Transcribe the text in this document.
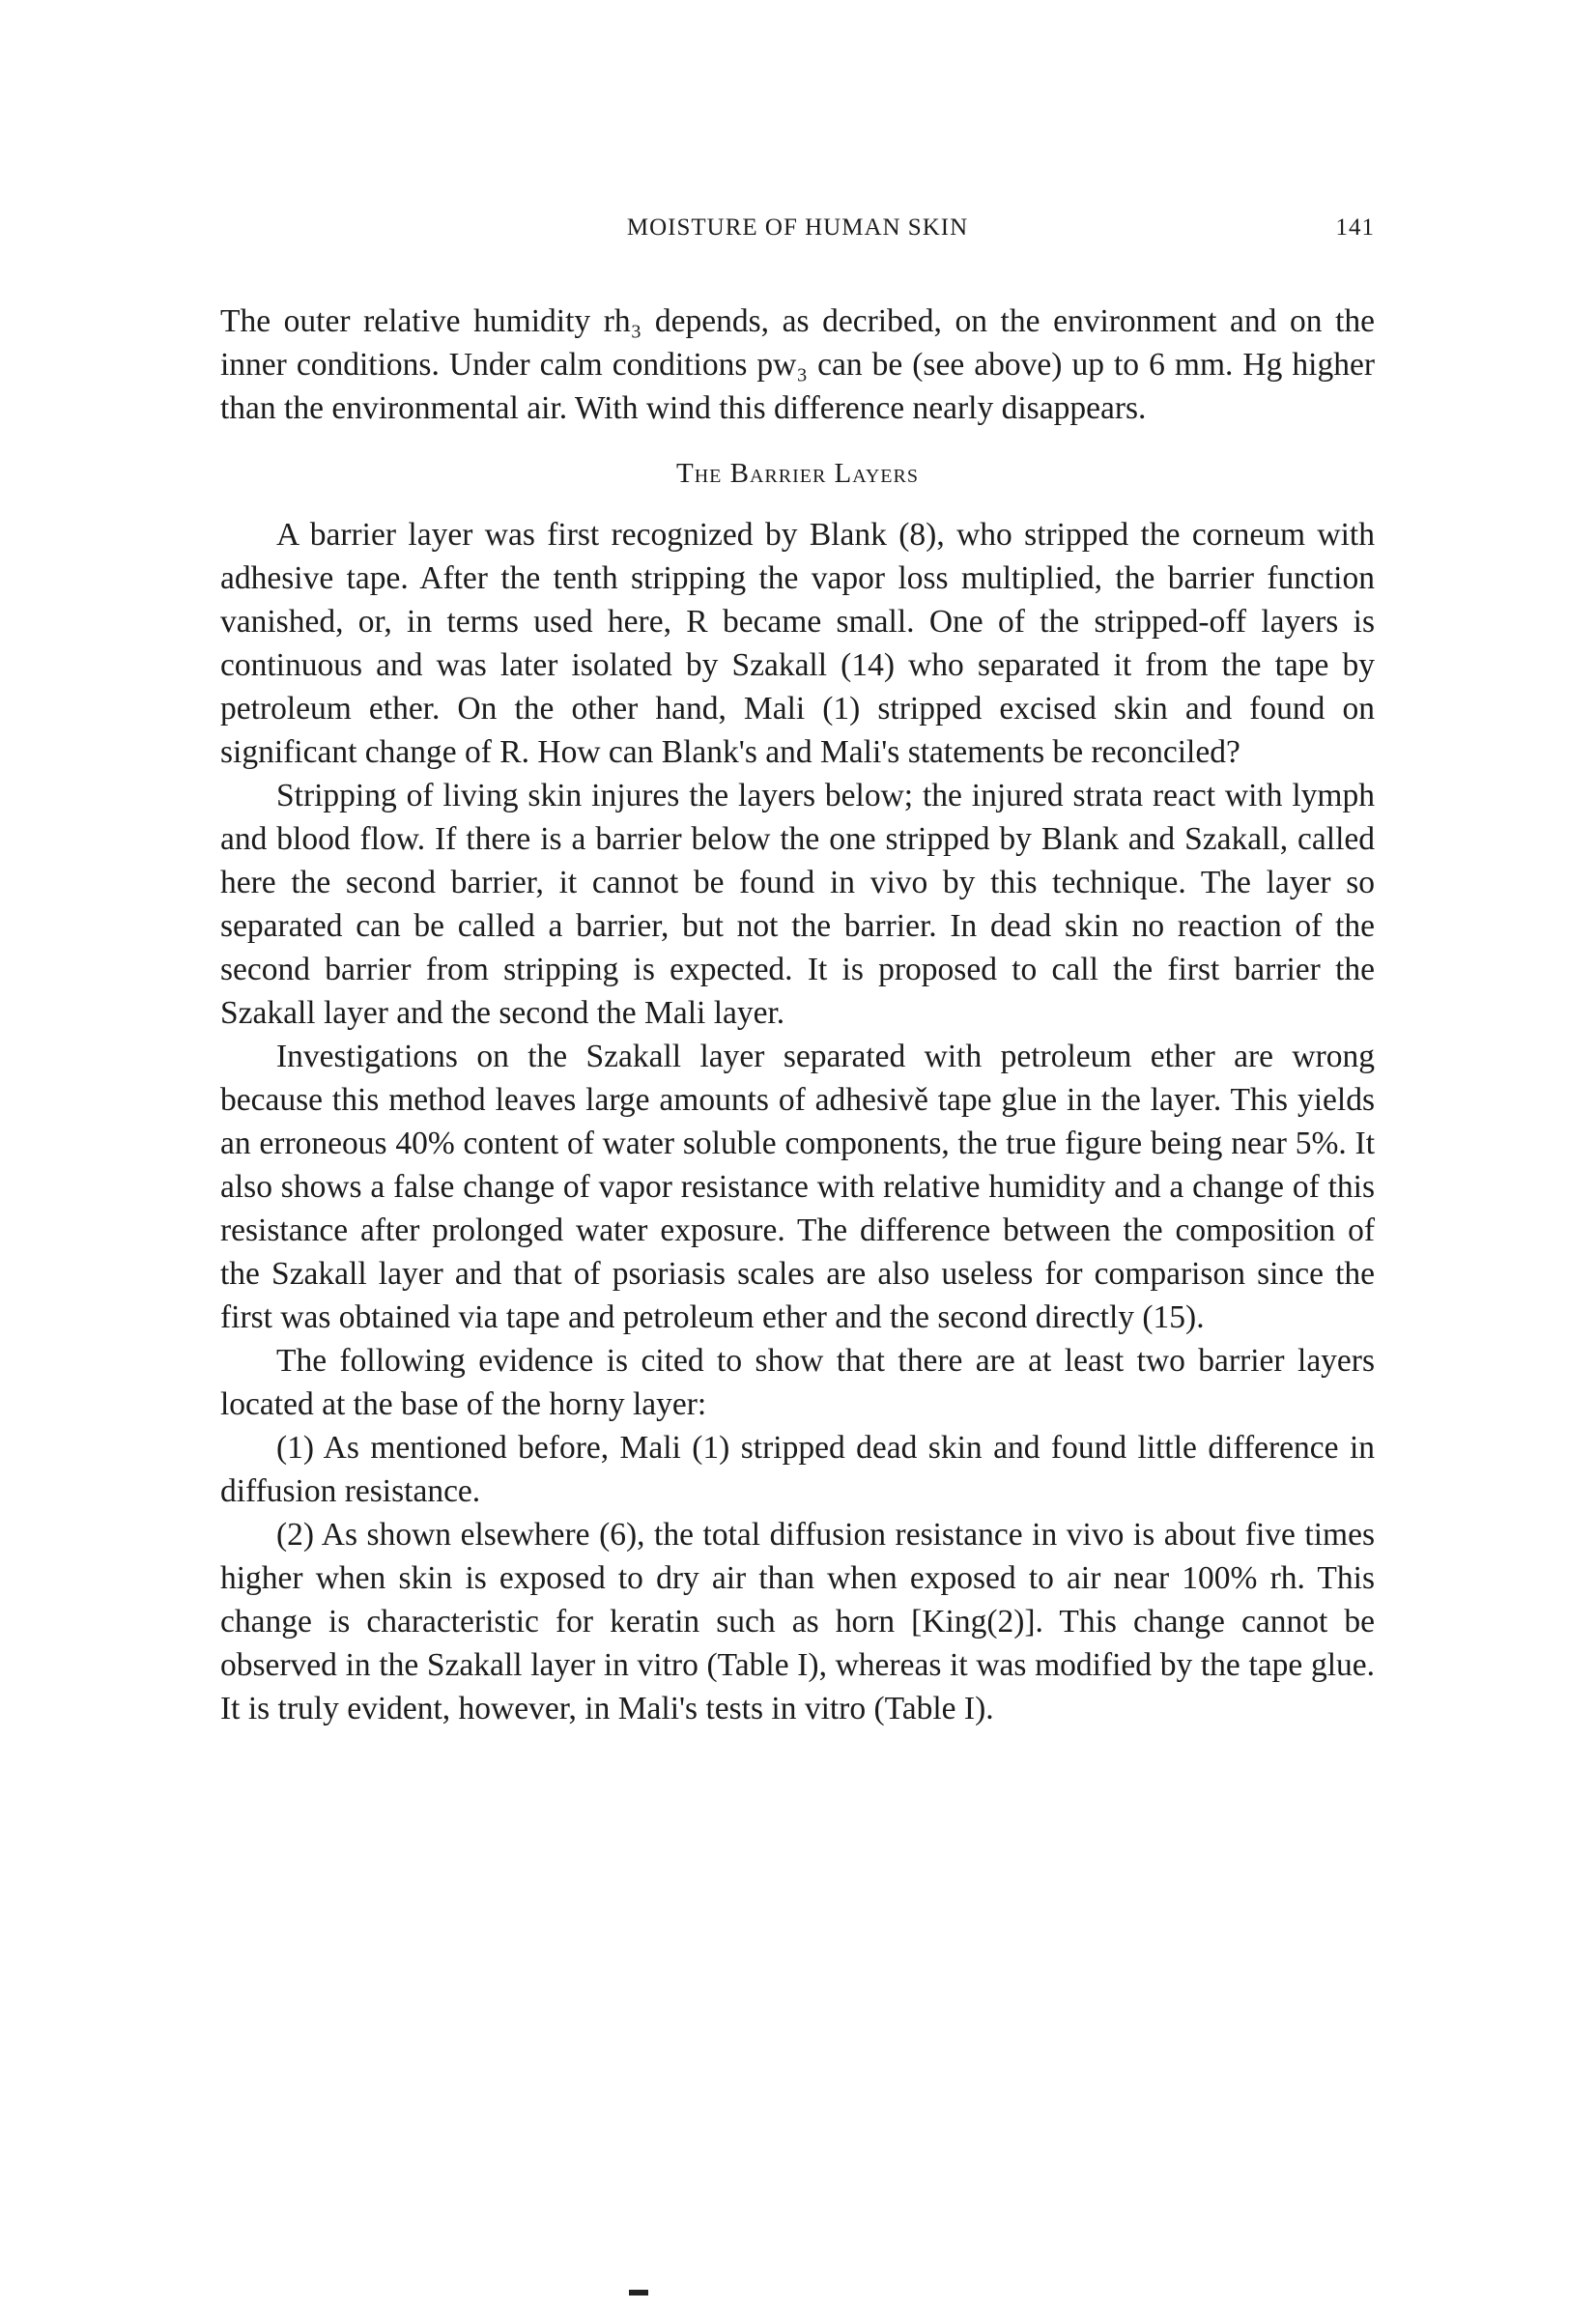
MOISTURE OF HUMAN SKIN	141

The outer relative humidity rh₃ depends, as decribed, on the environment and on the inner conditions. Under calm conditions pw₃ can be (see above) up to 6 mm. Hg higher than the environmental air. With wind this difference nearly disappears.

The Barrier Layers

A barrier layer was first recognized by Blank (8), who stripped the corneum with adhesive tape. After the tenth stripping the vapor loss multiplied, the barrier function vanished, or, in terms used here, R became small. One of the stripped-off layers is continuous and was later isolated by Szakall (14) who separated it from the tape by petroleum ether. On the other hand, Mali (1) stripped excised skin and found on significant change of R. How can Blank's and Mali's statements be reconciled?

Stripping of living skin injures the layers below; the injured strata react with lymph and blood flow. If there is a barrier below the one stripped by Blank and Szakall, called here the second barrier, it cannot be found in vivo by this technique. The layer so separated can be called a barrier, but not the barrier. In dead skin no reaction of the second barrier from stripping is expected. It is proposed to call the first barrier the Szakall layer and the second the Mali layer.

Investigations on the Szakall layer separated with petroleum ether are wrong because this method leaves large amounts of adhesivě tape glue in the layer. This yields an erroneous 40% content of water soluble components, the true figure being near 5%. It also shows a false change of vapor resistance with relative humidity and a change of this resistance after prolonged water exposure. The difference between the composition of the Szakall layer and that of psoriasis scales are also useless for comparison since the first was obtained via tape and petroleum ether and the second directly (15).

The following evidence is cited to show that there are at least two barrier layers located at the base of the horny layer:

(1) As mentioned before, Mali (1) stripped dead skin and found little difference in diffusion resistance.

(2) As shown elsewhere (6), the total diffusion resistance in vivo is about five times higher when skin is exposed to dry air than when exposed to air near 100% rh. This change is characteristic for keratin such as horn [King(2)]. This change cannot be observed in the Szakall layer in vitro (Table I), whereas it was modified by the tape glue. It is truly evident, however, in Mali's tests in vitro (Table I).
